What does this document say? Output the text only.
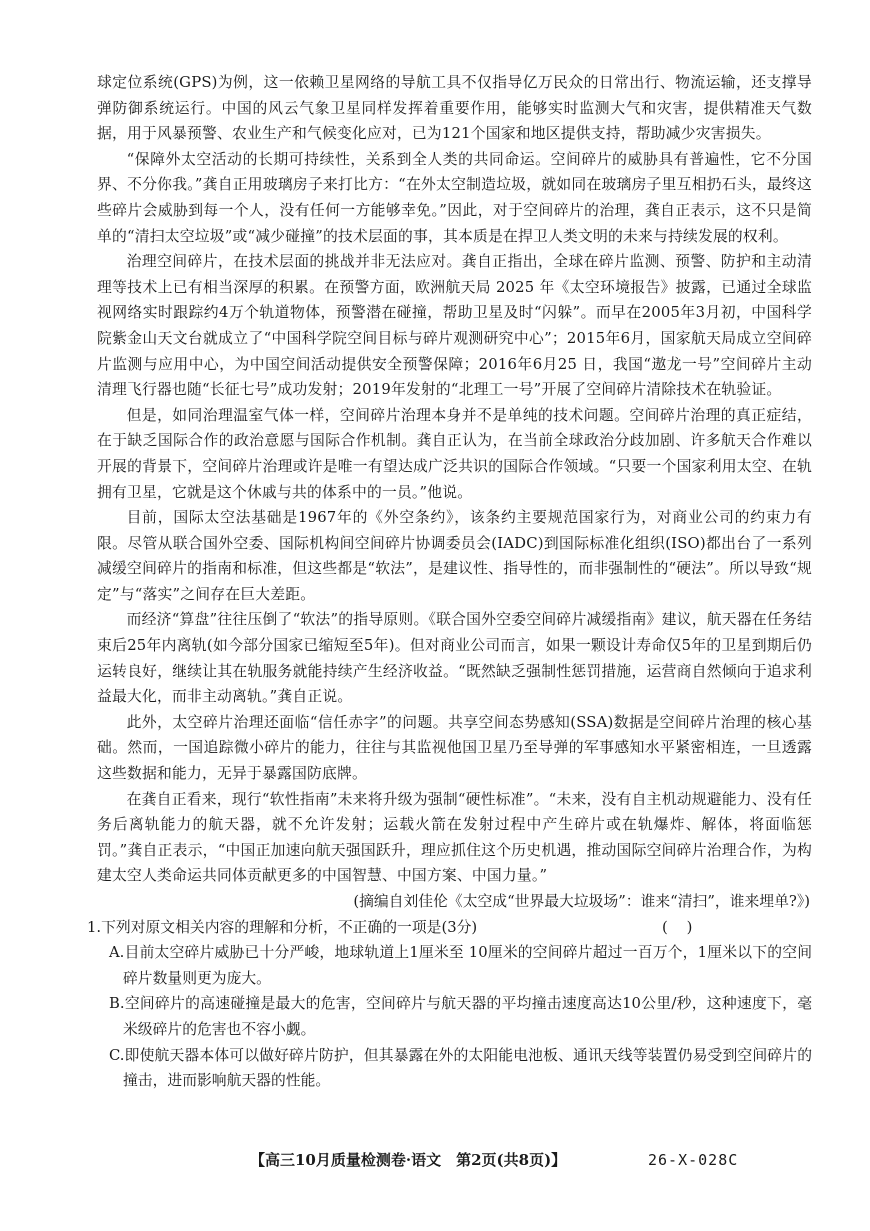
球定位系统(GPS)为例，这一依赖卫星网络的导航工具不仅指导亿万民众的日常出行、物流运输，还支撑导弹防御系统运行。中国的风云气象卫星同样发挥着重要作用，能够实时监测大气和灾害，提供精准天气数据，用于风暴预警、农业生产和气候变化应对，已为121个国家和地区提供支持，帮助减少灾害损失。

“保障外太空活动的长期可持续性，关系到全人类的共同命运。空间碎片的威胁具有普遍性，它不分国界、不分你我。”龚自正用玻璃房子来打比方：“在外太空制造垃圾，就如同在玻璃房子里互相扔石头，最终这些碎片会威胁到每一个人，没有任何一方能够幸免。”因此，对于空间碎片的治理，龚自正表示，这不只是简单的“清扫太空垃圾”或“减少碰撞”的技术层面的事，其本质是在捍卫人类文明的未来与持续发展的权利。

治理空间碎片，在技术层面的挑战并非无法应对。龚自正指出，全球在碎片监测、预警、防护和主动清理等技术上已有相当深厚的积累。在预警方面，欧洲航天局 2025 年《太空环境报告》披露，已通过全球监视网络实时跟踪约4万个轨道物体，预警潜在碰撞，帮助卫星及时“闪躲”。而早在2005年3月初，中国科学院紫金山天文台就成立了“中国科学院空间目标与碎片观测研究中心”；2015年6月，国家航天局成立空间碎片监测与应用中心，为中国空间活动提供安全预警保障；2016年6月25 日，我国“遨龙一号”空间碎片主动清理飞行器也随“长征七号”成功发射；2019年发射的“北理工一号”开展了空间碎片清除技术在轨验证。

但是，如同治理温室气体一样，空间碎片治理本身并不是单纯的技术问题。空间碎片治理的真正症结，在于缺乏国际合作的政治意愿与国际合作机制。龚自正认为，在当前全球政治分歧加剧、许多航天合作难以开展的背景下，空间碎片治理或许是唯一有望达成广泛共识的国际合作领域。“只要一个国家利用太空、在轨拥有卫星，它就是这个休戚与共的体系中的一员。”他说。

目前，国际太空法基础是1967年的《外空条约》，该条约主要规范国家行为，对商业公司的约束力有限。尽管从联合国外空委、国际机构间空间碎片协调委员会(IADC)到国际标准化组织(ISO)都出台了一系列减缓空间碎片的指南和标准，但这些都是“软法”，是建议性、指导性的，而非强制性的“硬法”。所以导致“规定”与“落实”之间存在巨大差距。

而经济“算盘”往往压倒了“软法”的指导原则。《联合国外空委空间碎片减缓指南》建议，航天器在任务结束后25年内离轨(如今部分国家已缩短至5年)。但对商业公司而言，如果一颗设计寿命仅5年的卫星到期后仍运转良好，继续让其在轨服务就能持续产生经济收益。“既然缺乏强制性惩罚措施，运营商自然倾向于追求利益最大化，而非主动离轨。”龚自正说。

此外，太空碎片治理还面临“信任赤字”的问题。共享空间态势感知(SSA)数据是空间碎片治理的核心基础。然而，一国追踪微小碎片的能力，往往与其监视他国卫星乃至导弹的军事感知水平紧密相连，一旦透露这些数据和能力，无异于暴露国防底牌。

在龚自正看来，现行“软性指南”未来将升级为强制“硬性标准”。“未来，没有自主机动规避能力、没有任务后离轨能力的航天器，就不允许发射；运载火箭在发射过程中产生碎片或在轨爆炸、解体，将面临惩罚。”龚自正表示，“中国正加速向航天强国跃升，理应抓住这个历史机遇，推动国际空间碎片治理合作，为构建太空人类命运共同体贡献更多的中国智慧、中国方案、中国力量。”

(摘编自刘佳伦《太空成“世界最大垃圾场”：谁来“清扫”，谁来埋单?》)

1.下列对原文相关内容的理解和分析，不正确的一项是(3分)	(    )

A.目前太空碎片威胁已十分严峻，地球轨道上1厘米至 10厘米的空间碎片超过一百万个，1厘米以下的空间碎片数量则更为庞大。

B.空间碎片的高速碰撞是最大的危害，空间碎片与航天器的平均撞击速度高达10公里/秒，这种速度下，毫米级碎片的危害也不容小觑。

C.即使航天器本体可以做好碎片防护，但其暴露在外的太阳能电池板、通讯天线等装置仍易受到空间碎片的撞击，进而影响航天器的性能。

【高三10月质量检测卷·语文　第2页(共8页)】	26-X-028C
